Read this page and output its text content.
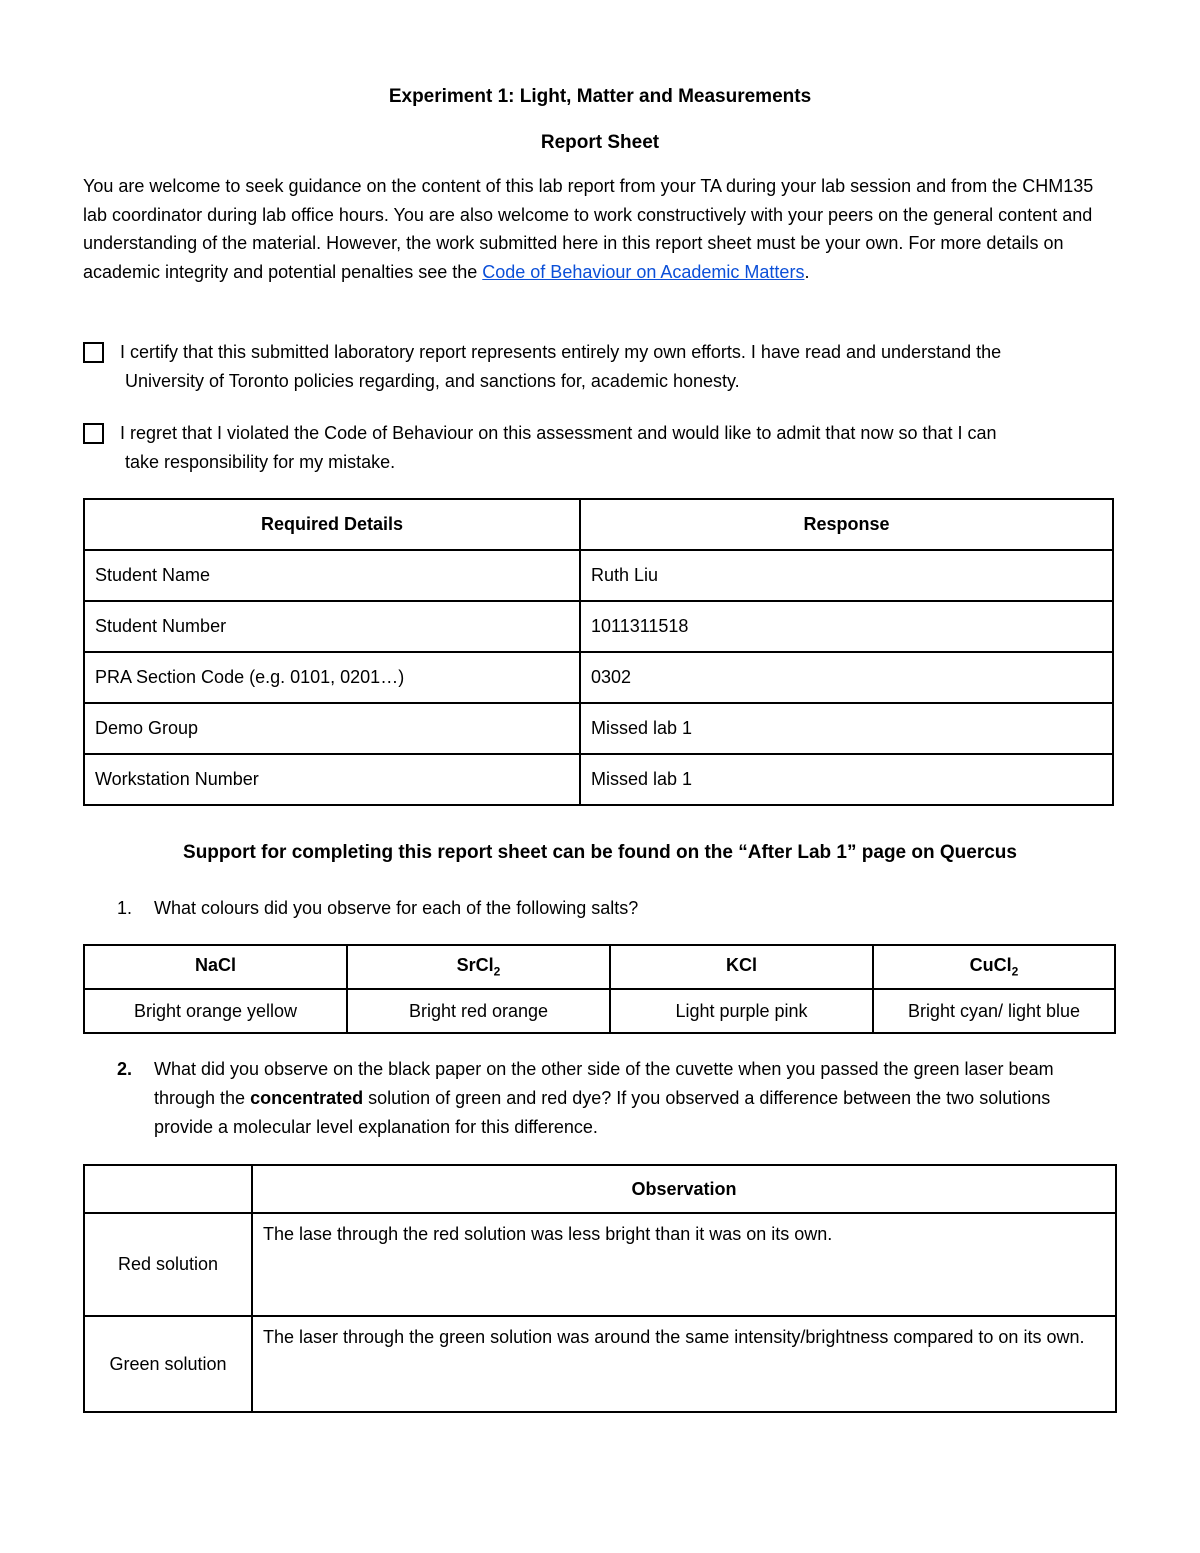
Experiment 1: Light, Matter and Measurements
Report Sheet
You are welcome to seek guidance on the content of this lab report from your TA during your lab session and from the CHM135 lab coordinator during lab office hours. You are also welcome to work constructively with your peers on the general content and understanding of the material. However, the work submitted here in this report sheet must be your own. For more details on academic integrity and potential penalties see the Code of Behaviour on Academic Matters.
I certify that this submitted laboratory report represents entirely my own efforts. I have read and understand the
University of Toronto policies regarding, and sanctions for, academic honesty.
I regret that I violated the Code of Behaviour on this assessment and would like to admit that now so that I can
take responsibility for my mistake.
Required Details	Response
Student Name	Ruth Liu
Student Number	1011311518
PRA Section Code (e.g. 0101, 0201…)	0302
Demo Group	Missed lab 1
Workstation Number	Missed lab 1
Support for completing this report sheet can be found on the “After Lab 1” page on Quercus
1.	What colours did you observe for each of the following salts?
NaCl	SrCl$_2$	KCl	CuCl$_2$
Bright orange yellow	Bright red orange	Light purple pink	Bright cyan/ light blue
2.	What did you observe on the black paper on the other side of the cuvette when you passed the green laser beam through the concentrated solution of green and red dye? If you observed a difference between the two solutions provide a molecular level explanation for this difference.
	Observation
Red solution	The lase through the red solution was less bright than it was on its own.
Green solution	The laser through the green solution was around the same intensity/brightness compared to on its own.
